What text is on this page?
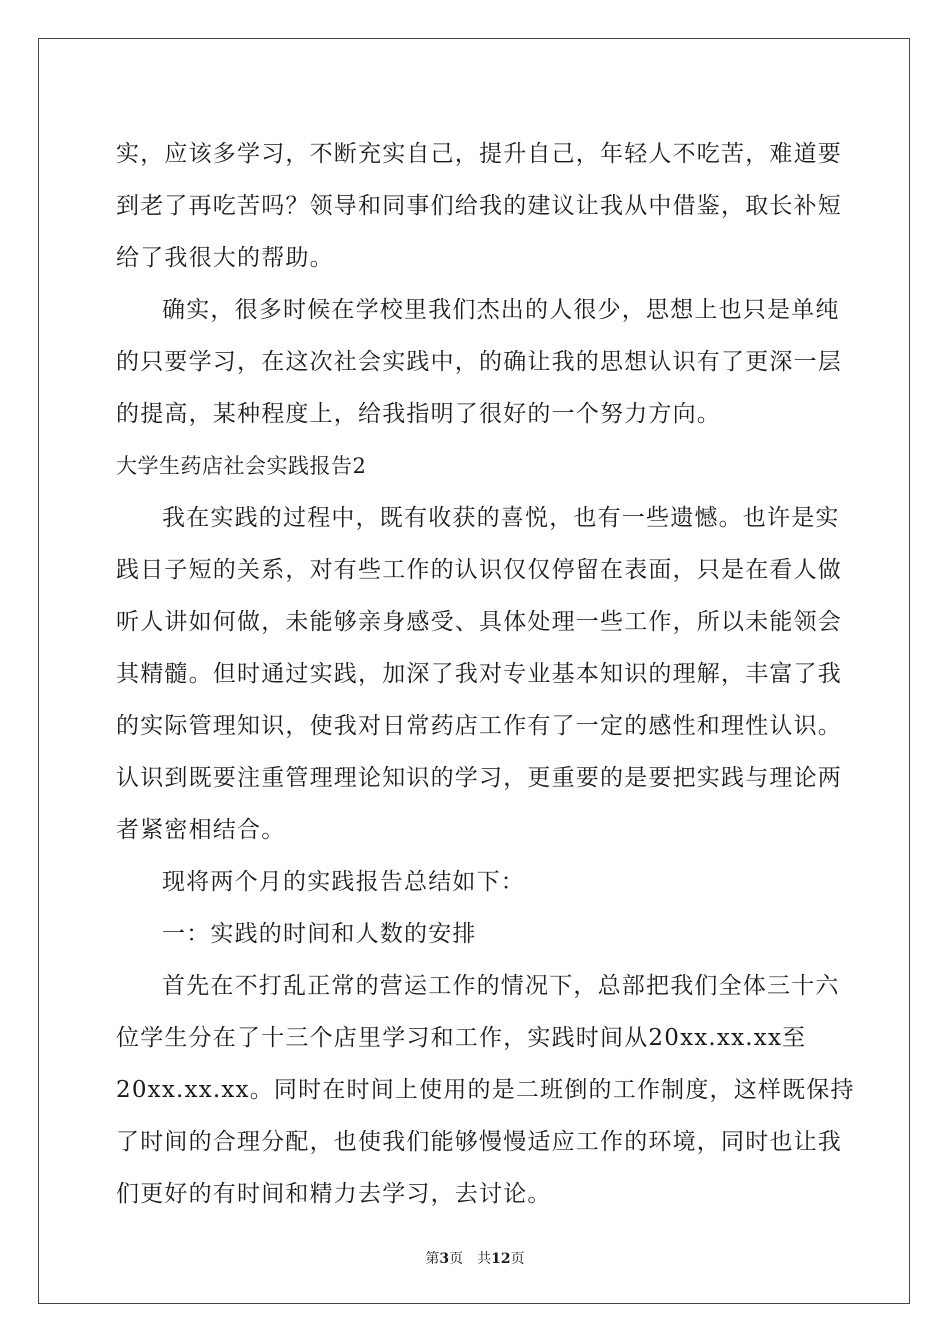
实，应该多学习，不断充实自己，提升自己，年轻人不吃苦，难道要
到老了再吃苦吗？领导和同事们给我的建议让我从中借鉴，取长补短
给了我很大的帮助。
确实，很多时候在学校里我们杰出的人很少，思想上也只是单纯
的只要学习，在这次社会实践中，的确让我的思想认识有了更深一层
的提高，某种程度上，给我指明了很好的一个努力方向。
大学生药店社会实践报告2
我在实践的过程中，既有收获的喜悦，也有一些遗憾。也许是实
践日子短的关系，对有些工作的认识仅仅停留在表面，只是在看人做
听人讲如何做，未能够亲身感受、具体处理一些工作，所以未能领会
其精髓。但时通过实践，加深了我对专业基本知识的理解，丰富了我
的实际管理知识，使我对日常药店工作有了一定的感性和理性认识。
认识到既要注重管理理论知识的学习，更重要的是要把实践与理论两
者紧密相结合。
现将两个月的实践报告总结如下：
一：实践的时间和人数的安排
首先在不打乱正常的营运工作的情况下，总部把我们全体三十六
位学生分在了十三个店里学习和工作，实践时间从20xx.xx.xx至
20xx.xx.xx。同时在时间上使用的是二班倒的工作制度，这样既保持
了时间的合理分配，也使我们能够慢慢适应工作的环境，同时也让我
们更好的有时间和精力去学习，去讨论。
第3页 共12页
